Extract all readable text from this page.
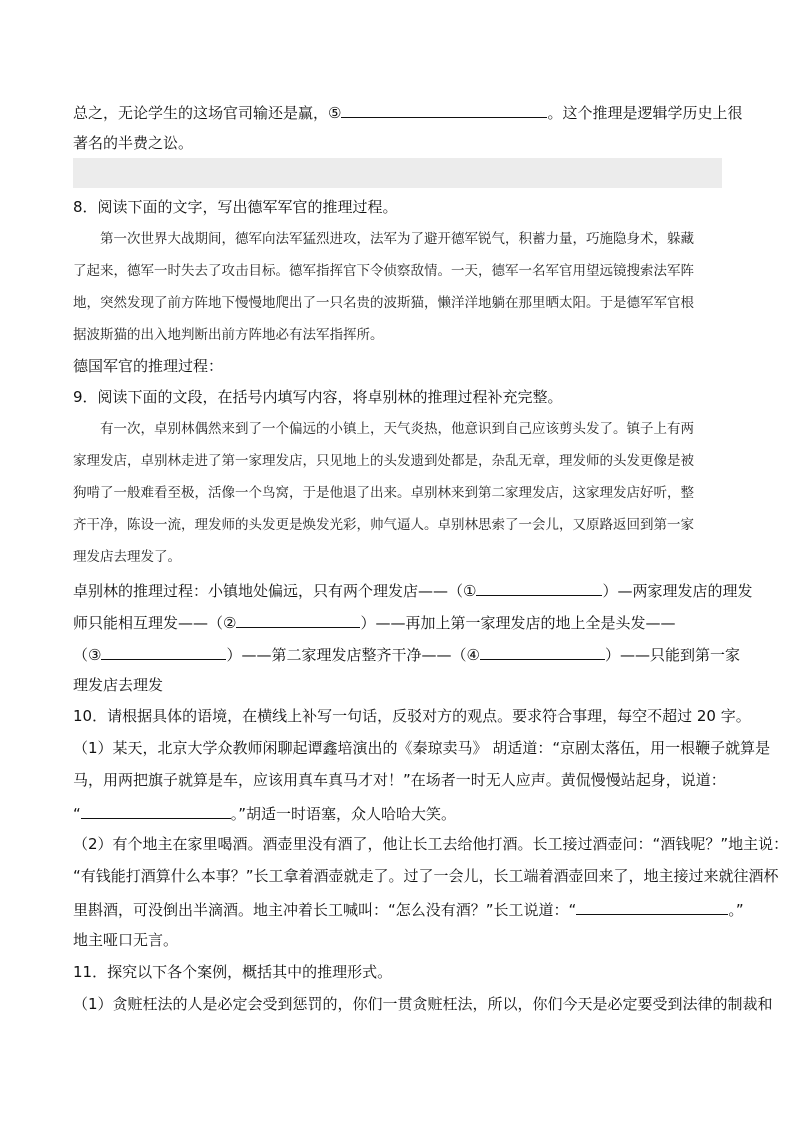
总之，无论学生的这场官司输还是赢，⑤	。这个推理是逻辑学历史上很
著名的半费之讼。
8．阅读下面的文字，写出德军军官的推理过程。
第一次世界大战期间，德军向法军猛烈进攻，法军为了避开德军锐气，积蓄力量，巧施隐身术，躲藏
了起来，德军一时失去了攻击目标。德军指挥官下令侦察敌情。一天，德军一名军官用望远镜搜索法军阵
地，突然发现了前方阵地下慢慢地爬出了一只名贵的波斯猫，懒洋洋地躺在那里晒太阳。于是德军军官根
据波斯猫的出入地判断出前方阵地必有法军指挥所。
德国军官的推理过程：
9．阅读下面的文段，在括号内填写内容，将卓别林的推理过程补充完整。
有一次，卓别林偶然来到了一个偏远的小镇上，天气炎热，他意识到自己应该剪头发了。镇子上有两
家理发店，卓别林走进了第一家理发店，只见地上的头发遗到处都是，杂乱无章，理发师的头发更像是被
狗啃了一般难看至极，活像一个鸟窝，于是他退了出来。卓别林来到第二家理发店，这家理发店好听，整
齐干净，陈设一流，理发师的头发更是焕发光彩，帅气逼人。卓别林思索了一会儿，又原路返回到第一家
理发店去理发了。
卓别林的推理过程：小镇地处偏远，只有两个理发店——（①	）—两家理发店的理发
师只能相互理发——（②	）——再加上第一家理发店的地上全是头发——
（③	）——第二家理发店整齐干净——（④	）——只能到第一家
理发店去理发
10．请根据具体的语境，在横线上补写一句话，反驳对方的观点。要求符合事理，每空不超过 20 字。
（1）某天，北京大学众教师闲聊起谭鑫培演出的《秦琼卖马》 胡适道：“京剧太落伍，用一根鞭子就算是
马，用两把旗子就算是车，应该用真车真马才对！”在场者一时无人应声。黄侃慢慢站起身，说道：
“	。”胡适一时语塞，众人哈哈大笑。
（2）有个地主在家里喝酒。酒壶里没有酒了，他让长工去给他打酒。长工接过酒壶问：“酒钱呢？”地主说：
“有钱能打酒算什么本事？”长工拿着酒壶就走了。过了一会儿，长工端着酒壶回来了，地主接过来就往酒杯
里斟酒，可没倒出半滴酒。地主冲着长工喊叫：“怎么没有酒？”长工说道：“	。”
地主哑口无言。
11．探究以下各个案例，概括其中的推理形式。
（1）贪赃枉法的人是必定会受到惩罚的，你们一贯贪赃枉法，所以，你们今天是必定要受到法律的制裁和
